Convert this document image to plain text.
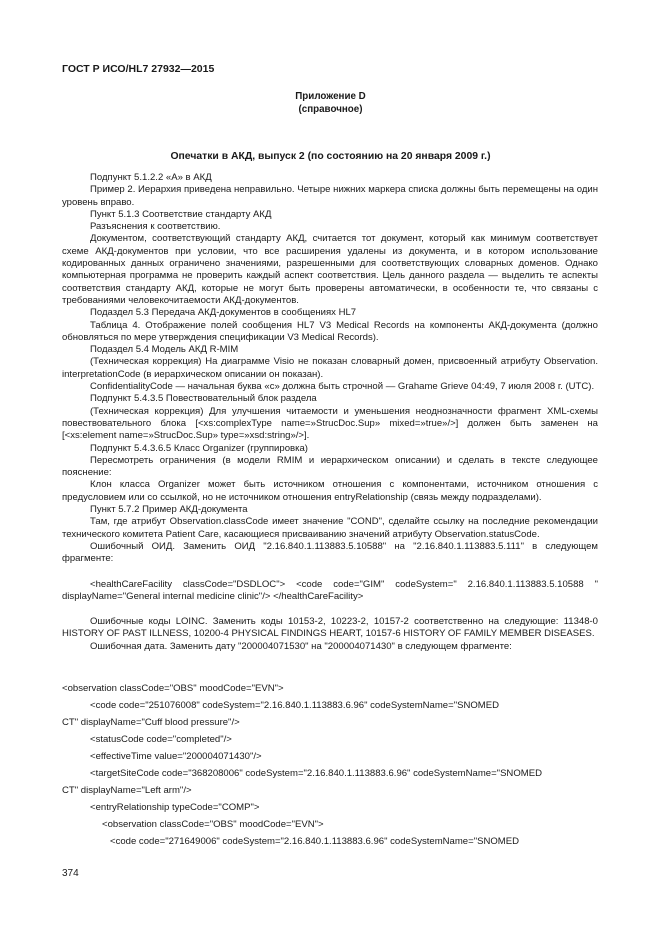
ГОСТ Р ИСО/HL7 27932—2015
Приложение D
(справочное)
Опечатки в АКД, выпуск 2 (по состоянию на 20 января 2009 г.)

Подпункт 5.1.2.2 «А» в АКД

Пример 2. Иерархия приведена неправильно. Четыре нижних маркера списка должны быть перемещены на один уровень вправо.

Пункт 5.1.3 Соответствие стандарту АКД

Разъяснения к соответствию.

Документом, соответствующий стандарту АКД, считается тот документ, который как минимум соответствует схеме АКД-документов при условии, что все расширения удалены из документа, и в котором использование кодированных данных ограничено значениями, разрешенными для соответствующих словарных доменов. Однако компьютерная программа не проверить каждый аспект соответствия. Цель данного раздела — выделить те аспекты соответствия стандарту АКД, которые не могут быть проверены автоматически, в особенности те, что связаны с требованиями человекочитаемости АКД-документов.

Подаздел 5.3 Передача АКД-документов в сообщениях HL7

Таблица 4. Отображение полей сообщения HL7 V3 Medical Records на компоненты АКД-документа (должно обновляться по мере утверждения спецификации V3 Medical Records).

Подаздел 5.4 Модель АКД R-MIM

(Техническая коррекция) На диаграмме Visio не показан словарный домен, присвоенный атрибуту Observation. interpretationCode (в иерархическом описании он показан).

ConfidentialityCode — начальная буква «с» должна быть строчной — Grahame Grieve 04:49, 7 июля 2008 г. (UTC).

Подпункт 5.4.3.5 Повествовательный блок раздела

(Техническая коррекция) Для улучшения читаемости и уменьшения неоднозначности фрагмент XML-схемы повествовательного блока [<xs:complexType name=»StrucDoc.Sup» mixed=»true»/>] должен быть заменен на [<xs:element name=»StrucDoc.Sup» type=»xsd:string»/>].

Подпункт 5.4.3.6.5 Класс Organizer (группировка)

Пересмотреть ограничения (в модели RMIM и иерархическом описании) и сделать в тексте следующее пояснение:

Клон класса Organizer может быть источником отношения с компонентами, источником отношения с предусловием или со ссылкой, но не источником отношения entryRelationship (связь между подразделами).

Пункт 5.7.2 Пример АКД-документа

Там, где атрибут Observation.classCode имеет значение "COND", сделайте ссылку на последние рекомендации технического комитета Patient Care, касающиеся присваиванию значений атрибуту Observation.statusCode.

Ошибочный ОИД. Заменить ОИД "2.16.840.1.113883.5.10588" на "2.16.840.1.113883.5.111" в следующем фрагменте:

<healthCareFacility classCode="DSDLOC"> <code code="GIM" codeSystem=" 2.16.840.1.113883.5.10588 " displayName="General internal medicine clinic"/> </healthCareFacility>

Ошибочные коды LOINC. Заменить коды 10153-2, 10223-2, 10157-2 соответственно на следующие: 11348-0 HISTORY OF PAST ILLNESS, 10200-4 PHYSICAL FINDINGS HEART, 10157-6 HISTORY OF FAMILY MEMBER DISEASES.

Ошибочная дата. Заменить дату "200004071530" на "200004071430" в следующем фрагменте:

<observation classCode="OBS" moodCode="EVN">
<code code="251076008" codeSystem="2.16.840.1.113883.6.96" codeSystemName="SNOMED
CT" displayName="Cuff blood pressure"/>
<statusCode code="completed"/>
<effectiveTime value="200004071430"/>
<targetSiteCode code="368208006" codeSystem="2.16.840.1.113883.6.96" codeSystemName="SNOMED
CT" displayName="Left arm"/>
<entryRelationship typeCode="COMP">
<observation classCode="OBS" moodCode="EVN">
<code code="271649006" codeSystem="2.16.840.1.113883.6.96" codeSystemName="SNOMED
374
